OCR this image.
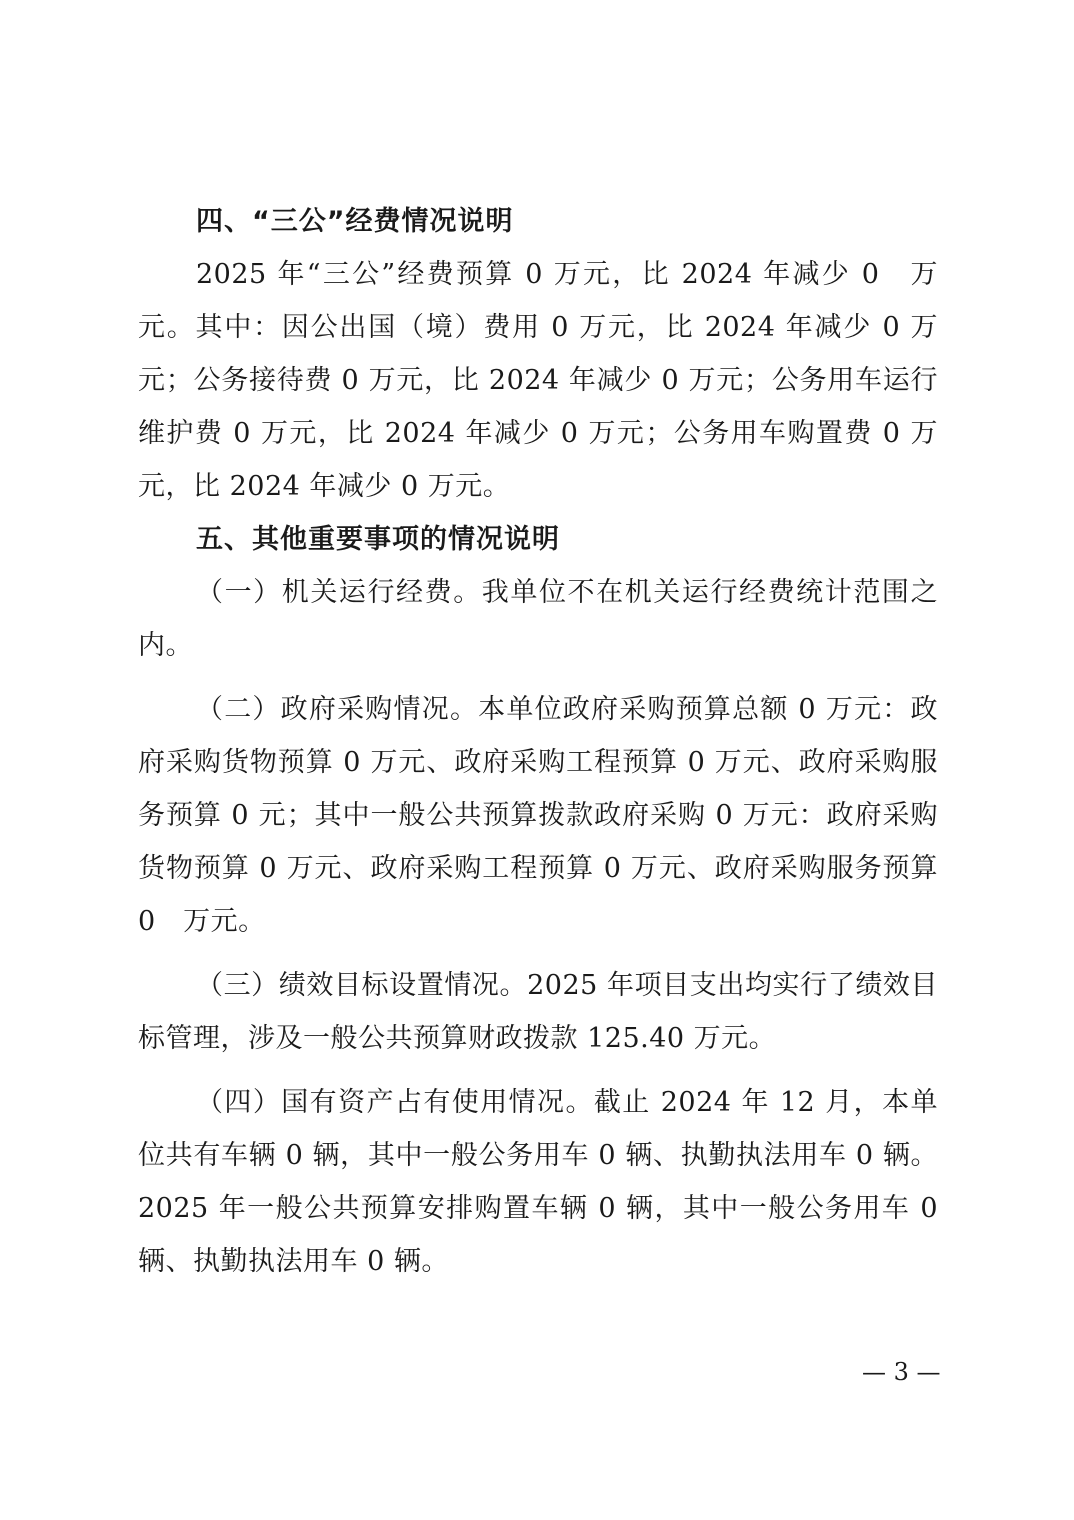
四、“三公”经费情况说明

2025 年“三公”经费预算 0 万元，比 2024 年减少 0　万元。其中：因公出国（境）费用 0 万元，比 2024 年减少 0 万元；公务接待费 0 万元，比 2024 年减少 0 万元；公务用车运行维护费 0 万元，比 2024 年减少 0 万元；公务用车购置费 0 万元，比 2024 年减少 0 万元。

五、其他重要事项的情况说明

（一）机关运行经费。我单位不在机关运行经费统计范围之内。

（二）政府采购情况。本单位政府采购预算总额 0 万元：政府采购货物预算 0 万元、政府采购工程预算 0 万元、政府采购服务预算 0 元；其中一般公共预算拨款政府采购 0 万元：政府采购货物预算 0 万元、政府采购工程预算 0 万元、政府采购服务预算 0　万元。

（三）绩效目标设置情况。2025 年项目支出均实行了绩效目标管理，涉及一般公共预算财政拨款 125.40 万元。

（四）国有资产占有使用情况。截止 2024 年 12 月，本单位共有车辆 0 辆，其中一般公务用车 0 辆、执勤执法用车 0 辆。2025 年一般公共预算安排购置车辆 0 辆，其中一般公务用车 0 辆、执勤执法用车 0 辆。

— 3 —
